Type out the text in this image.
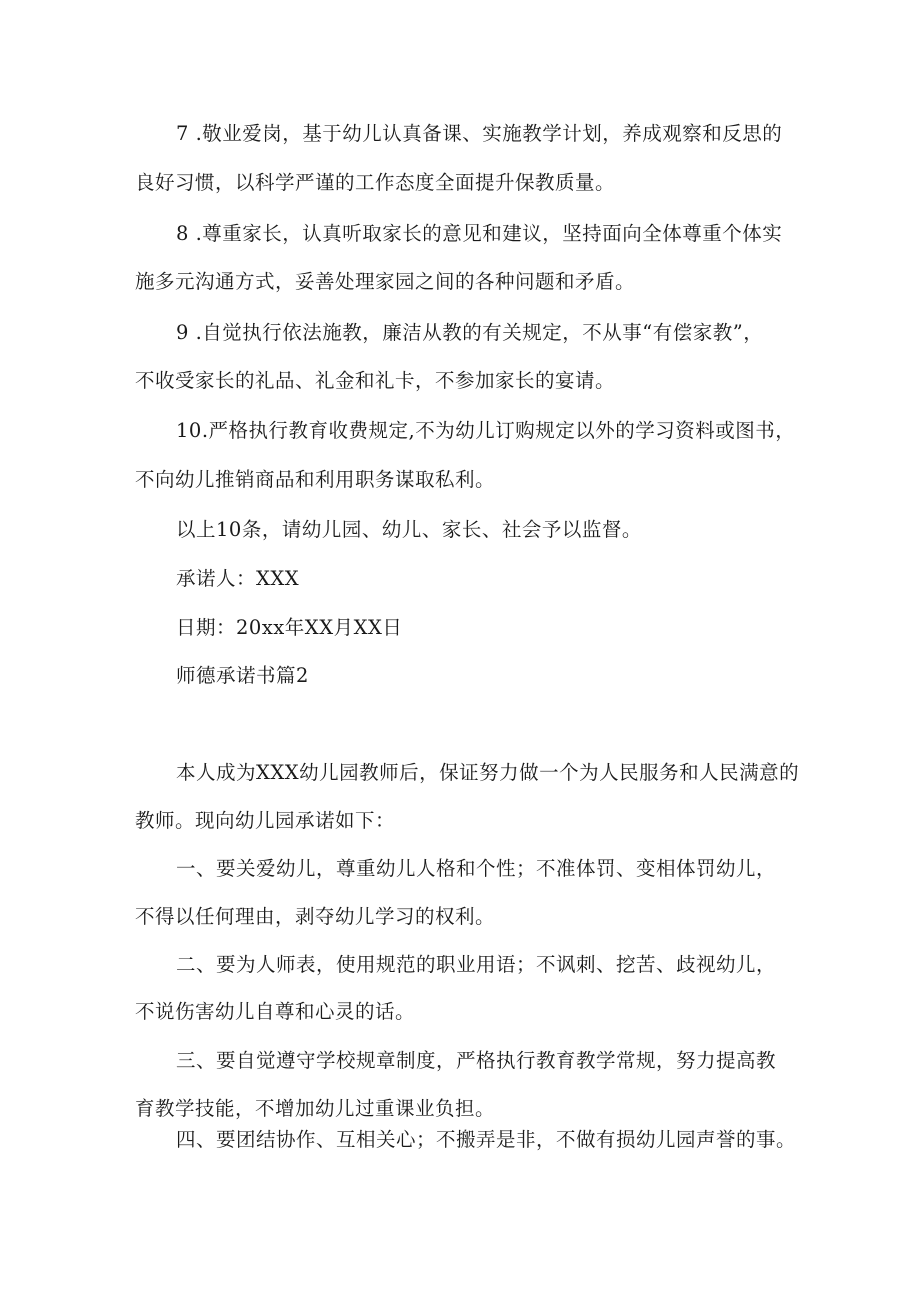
7 .敬业爱岗，基于幼儿认真备课、实施教学计划，养成观察和反思的
良好习惯，以科学严谨的工作态度全面提升保教质量。
8 .尊重家长，认真听取家长的意见和建议，坚持面向全体尊重个体实
施多元沟通方式，妥善处理家园之间的各种问题和矛盾。
9 .自觉执行依法施教，廉洁从教的有关规定，不从事“有偿家教”，
不收受家长的礼品、礼金和礼卡，不参加家长的宴请。
10.严格执行教育收费规定,不为幼儿订购规定以外的学习资料或图书，
不向幼儿推销商品和利用职务谋取私利。
以上10条，请幼儿园、幼儿、家长、社会予以监督。
承诺人：XXX
日期：20xx年XX月XX日
师德承诺书篇2
本人成为XXX幼儿园教师后，保证努力做一个为人民服务和人民满意的
教师。现向幼儿园承诺如下：
一、要关爱幼儿，尊重幼儿人格和个性；不准体罚、变相体罚幼儿，
不得以任何理由，剥夺幼儿学习的权利。
二、要为人师表，使用规范的职业用语；不讽刺、挖苦、歧视幼儿，
不说伤害幼儿自尊和心灵的话。
三、要自觉遵守学校规章制度，严格执行教育教学常规，努力提高教
育教学技能，不增加幼儿过重课业负担。
四、要团结协作、互相关心；不搬弄是非，不做有损幼儿园声誉的事。
